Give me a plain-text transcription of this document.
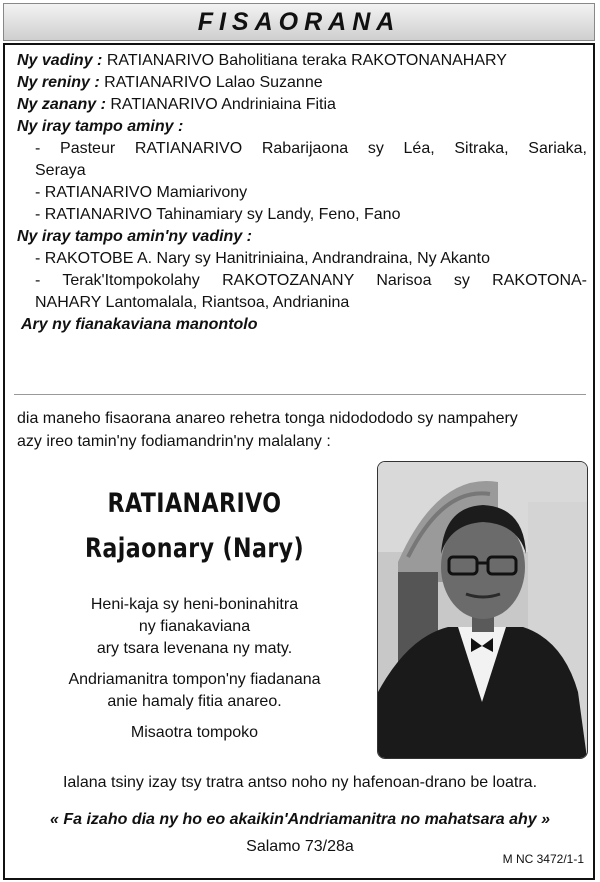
FISAORANA
Ny vadiny : RATIANARIVO Baholitiana teraka RAKOTONANAHARY
Ny reniny : RATIANARIVO Lalao Suzanne
Ny zanany : RATIANARIVO Andriniaina Fitia
Ny iray tampo aminy :
- Pasteur RATIANARIVO Rabarijaona sy Léa, Sitraka, Sariaka,
Seraya
- RATIANARIVO Mamiarivony
- RATIANARIVO Tahinamiary sy Landy, Feno, Fano
Ny iray tampo amin'ny vadiny :
- RAKOTOBE A. Nary sy Hanitriniaina, Andrandraina, Ny Akanto
- Terak'Itompokolahy RAKOTOZANANY Narisoa sy RAKOTONA-
NAHARY Lantomalala, Riantsoa, Andrianina
Ary ny fianakaviana manontolo
dia maneho fisaorana anareo rehetra tonga nidodododo sy nampahery
azy ireo tamin'ny fodiamandrin'ny malalany :
RATIANARIVO
Rajaonary (Nary)
Heni-kaja sy heni-boninahitra
ny fianakaviana
ary tsara levenana ny maty.
Andriamanitra tompon'ny fiadanana
anie hamaly fitia anareo.
Misaotra tompoko
Ialana tsiny izay tsy tratra antso noho ny hafenoan-drano be loatra.
« Fa izaho dia ny ho eo akaikin'Andriamanitra no mahatsara ahy »
Salamo 73/28a
M NC 3472/1-1
